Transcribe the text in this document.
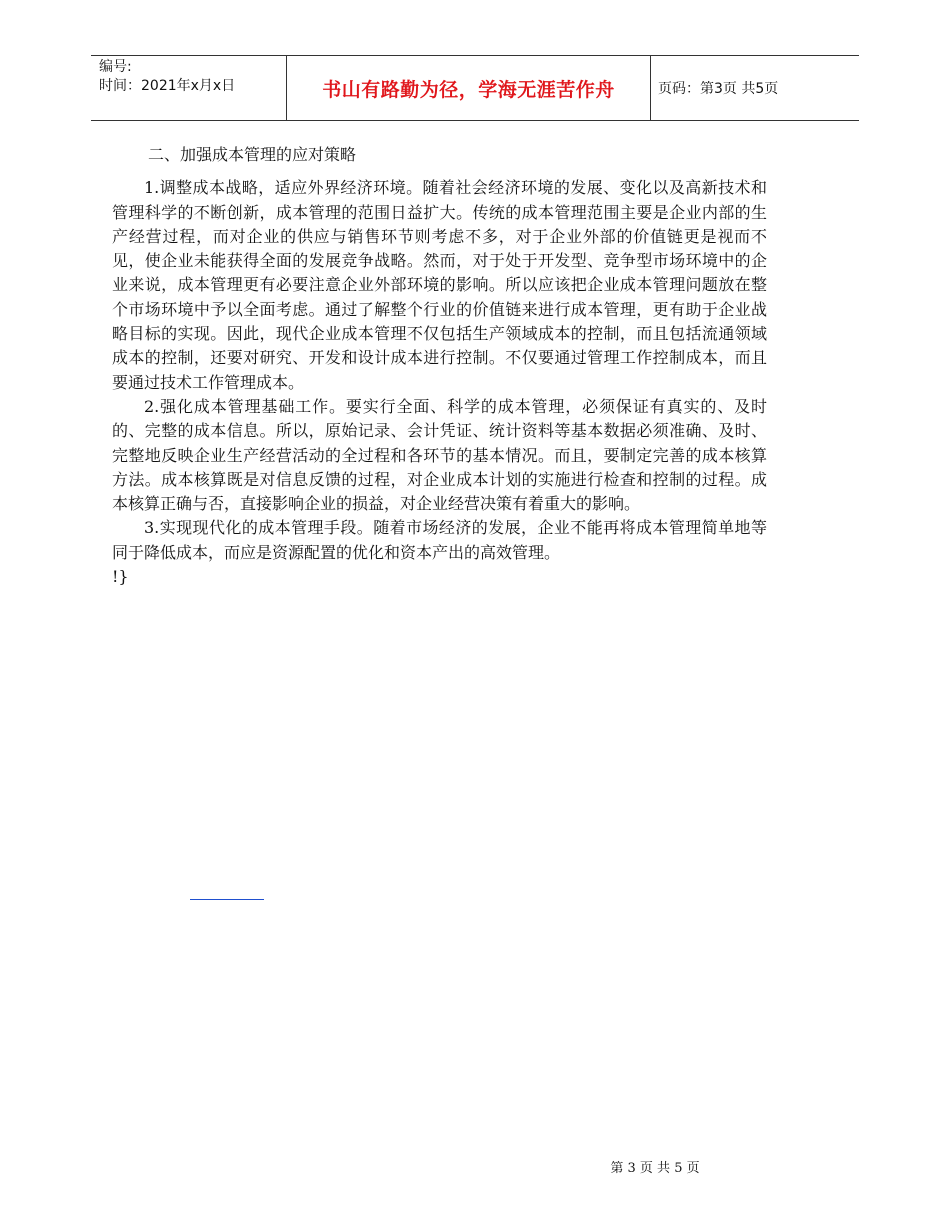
编号:
时间：2021年x月x日	书山有路勤为径，学海无涯苦作舟	页码：第3页 共5页

二、加强成本管理的应对策略

1.调整成本战略，适应外界经济环境。随着社会经济环境的发展、变化以及高新技术和管理科学的不断创新，成本管理的范围日益扩大。传统的成本管理范围主要是企业内部的生产经营过程，而对企业的供应与销售环节则考虑不多，对于企业外部的价值链更是视而不见，使企业未能获得全面的发展竞争战略。然而，对于处于开发型、竞争型市场环境中的企业来说，成本管理更有必要注意企业外部环境的影响。所以应该把企业成本管理问题放在整个市场环境中予以全面考虑。通过了解整个行业的价值链来进行成本管理，更有助于企业战略目标的实现。因此，现代企业成本管理不仅包括生产领域成本的控制，而且包括流通领域成本的控制，还要对研究、开发和设计成本进行控制。不仅要通过管理工作控制成本，而且要通过技术工作管理成本。

2.强化成本管理基础工作。要实行全面、科学的成本管理，必须保证有真实的、及时的、完整的成本信息。所以，原始记录、会计凭证、统计资料等基本数据必须准确、及时、完整地反映企业生产经营活动的全过程和各环节的基本情况。而且，要制定完善的成本核算方法。成本核算既是对信息反馈的过程，对企业成本计划的实施进行检查和控制的过程。成本核算正确与否，直接影响企业的损益，对企业经营决策有着重大的影响。

3.实现现代化的成本管理手段。随着市场经济的发展，企业不能再将成本管理简单地等同于降低成本，而应是资源配置的优化和资本产出的高效管理。

!}

第 3 页 共 5 页
